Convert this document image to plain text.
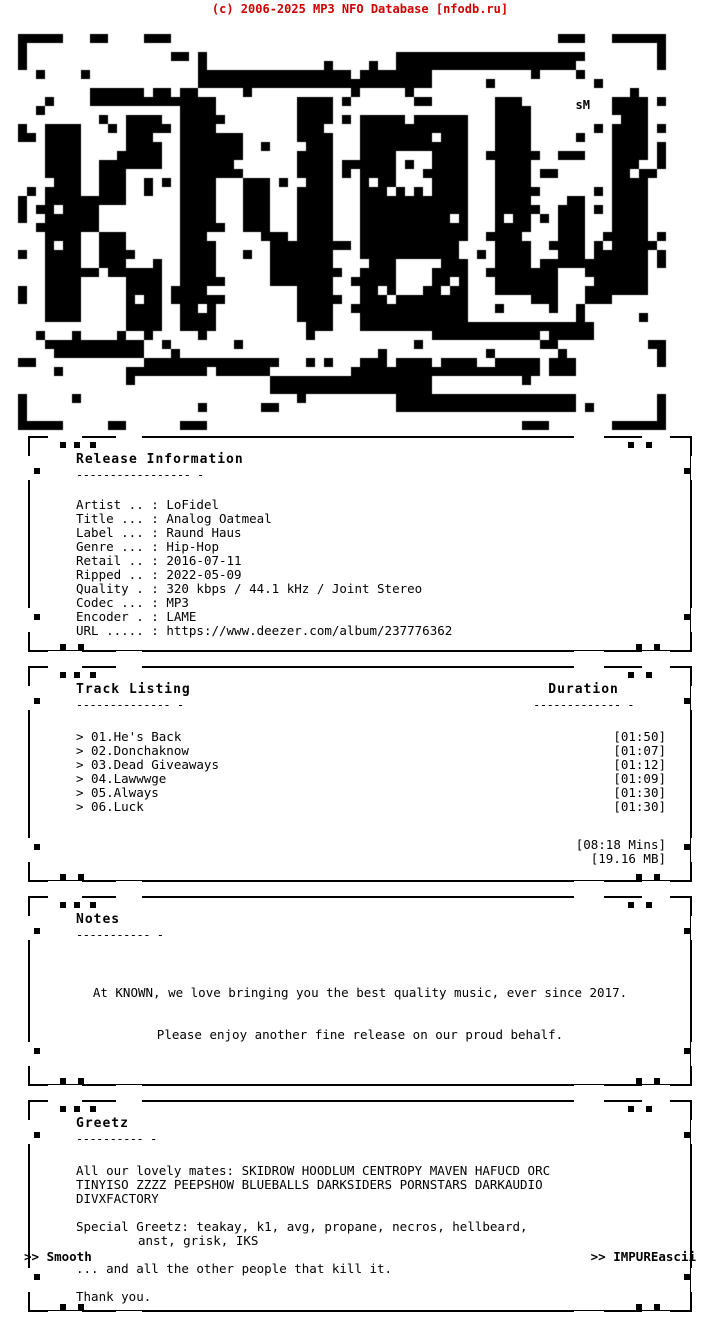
(c) 2006-2025 MP3 NFO Database [nfodb.ru]
sM
Release Information
----------------- -
Artist .. : LoFidel
Title ... : Analog Oatmeal
Label ... : Raund Haus
Genre ... : Hip-Hop
Retail .. : 2016-07-11
Ripped .. : 2022-05-09
Quality . : 320 kbps / 44.1 kHz / Joint Stereo
Codec ... : MP3
Encoder . : LAME
URL ..... : https://www.deezer.com/album/237776362
Track Listing
-------------- -
Duration
------------- -
> 01.He's Back	[01:50]
> 02.Donchaknow	[01:07]
> 03.Dead Giveaways	[01:12]
> 04.Lawwwge	[01:09]
> 05.Always	[01:30]
> 06.Luck	[01:30]
[08:18 Mins]
[19.16 MB]
Notes
----------- -

At KNOWN, we love bringing you the best quality music, ever since 2017.

Please enjoy another fine release on our proud behalf.

Greetz
---------- -

All our lovely mates: SKIDROW HOODLUM CENTROPY MAVEN HAFUCD ORC
TINYISO ZZZZ PEEPSHOW BLUEBALLS DARKSIDERS PORNSTARS DARKAUDIO
DIVXFACTORY

Special Greetz: teakay, k1, avg, propane, necros, hellbeard,
anst, grisk, IKS

... and all the other people that kill it.

Thank you.

>> Smooth	>> IMPUREascii
